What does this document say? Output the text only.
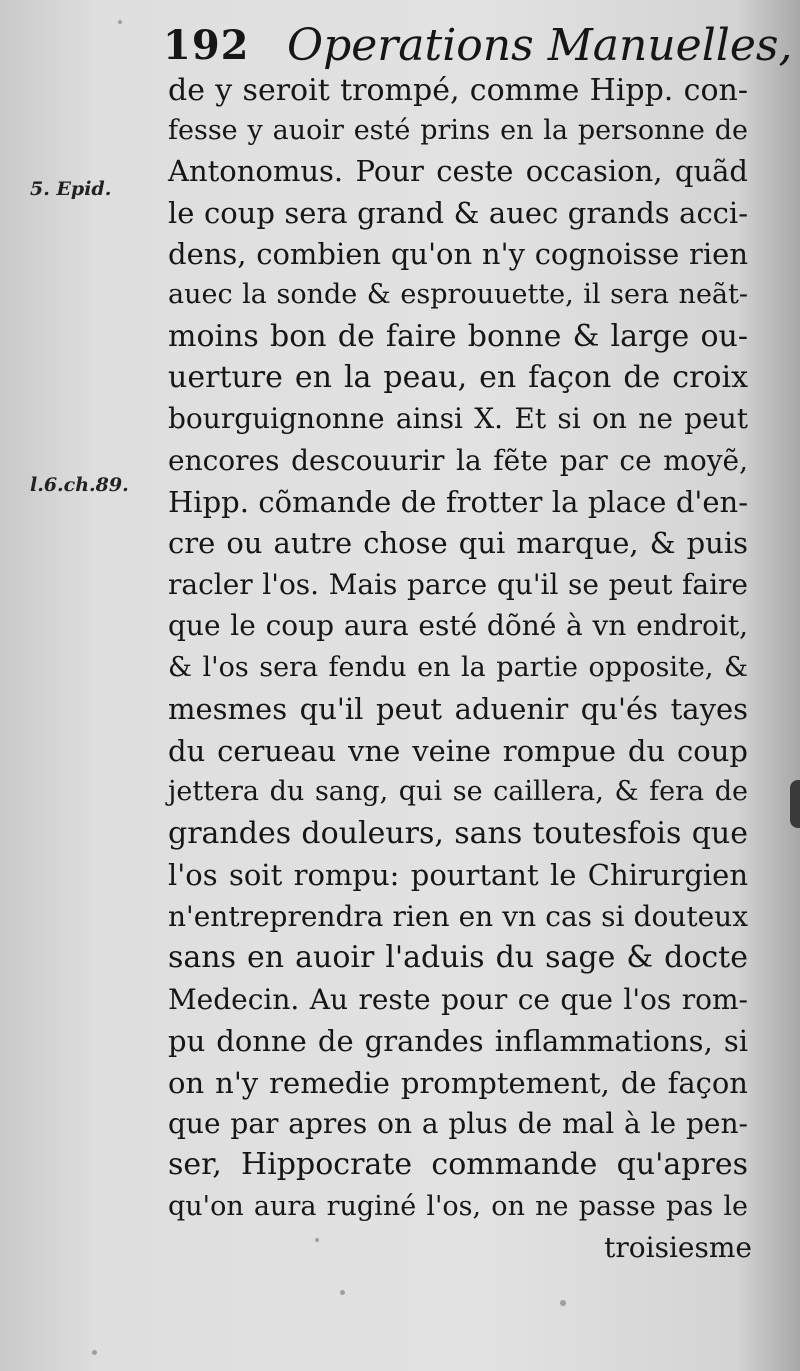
192 Operations Manuelles,
5. Epid.
l.6.ch.89.
de y seroit trompé, comme Hipp. con-
fesse y auoir esté prins en la personne de
Antonomus. Pour ceste occasion, quãd
le coup sera grand & auec grands acci-
dens, combien qu'on n'y cognoisse rien
auec la sonde & esprouuette, il sera neãt-
moins bon de faire bonne & large ou-
uerture en la peau, en façon de croix
bourguignonne ainsi X. Et si on ne peut
encores descouurir la fẽte par ce moyẽ,
Hipp. cõmande de frotter la place d'en-
cre ou autre chose qui marque, & puis
racler l'os. Mais parce qu'il se peut faire
que le coup aura esté dõné à vn endroit,
& l'os sera fendu en la partie opposite, &
mesmes qu'il peut aduenir qu'és tayes
du cerueau vne veine rompue du coup
jettera du sang, qui se caillera, & fera de
grandes douleurs, sans toutesfois que
l'os soit rompu: pourtant le Chirurgien
n'entreprendra rien en vn cas si douteux
sans en auoir l'aduis du sage & docte
Medecin. Au reste pour ce que l'os rom-
pu donne de grandes inflammations, si
on n'y remedie promptement, de façon
que par apres on a plus de mal à le pen-
ser, Hippocrate commande qu'apres
qu'on aura ruginé l'os, on ne passe pas le
troisiesme
